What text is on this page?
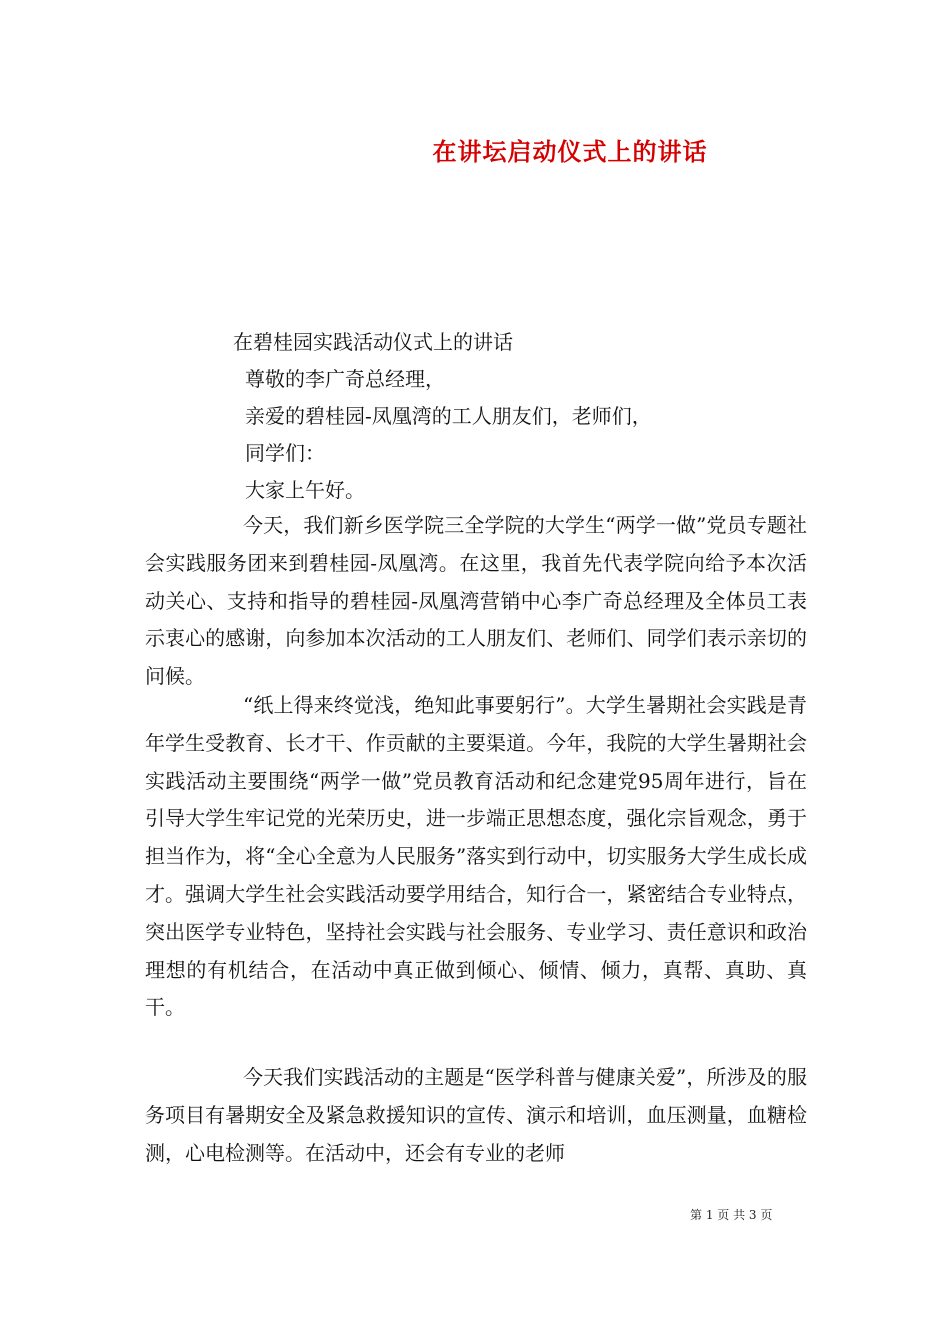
在讲坛启动仪式上的讲话
在碧桂园实践活动仪式上的讲话
尊敬的李广奇总经理，
亲爱的碧桂园-凤凰湾的工人朋友们，老师们，
同学们：
大家上午好。

今天，我们新乡医学院三全学院的大学生“两学一做”党员专题社会实践服务团来到碧桂园-凤凰湾。在这里，我首先代表学院向给予本次活动关心、支持和指导的碧桂园-凤凰湾营销中心李广奇总经理及全体员工表示衷心的感谢，向参加本次活动的工人朋友们、老师们、同学们表示亲切的问候。

“纸上得来终觉浅，绝知此事要躬行”。大学生暑期社会实践是青年学生受教育、长才干、作贡献的主要渠道。今年，我院的大学生暑期社会实践活动主要围绕“两学一做”党员教育活动和纪念建党95周年进行，旨在引导大学生牢记党的光荣历史，进一步端正思想态度，强化宗旨观念，勇于担当作为，将“全心全意为人民服务”落实到行动中，切实服务大学生成长成才。强调大学生社会实践活动要学用结合，知行合一，紧密结合专业特点，突出医学专业特色，坚持社会实践与社会服务、专业学习、责任意识和政治理想的有机结合，在活动中真正做到倾心、倾情、倾力，真帮、真助、真干。

今天我们实践活动的主题是“医学科普与健康关爱”，所涉及的服务项目有暑期安全及紧急救援知识的宣传、演示和培训，血压测量，血糖检测，心电检测等。在活动中，还会有专业的老师

第 1 页 共 3 页
